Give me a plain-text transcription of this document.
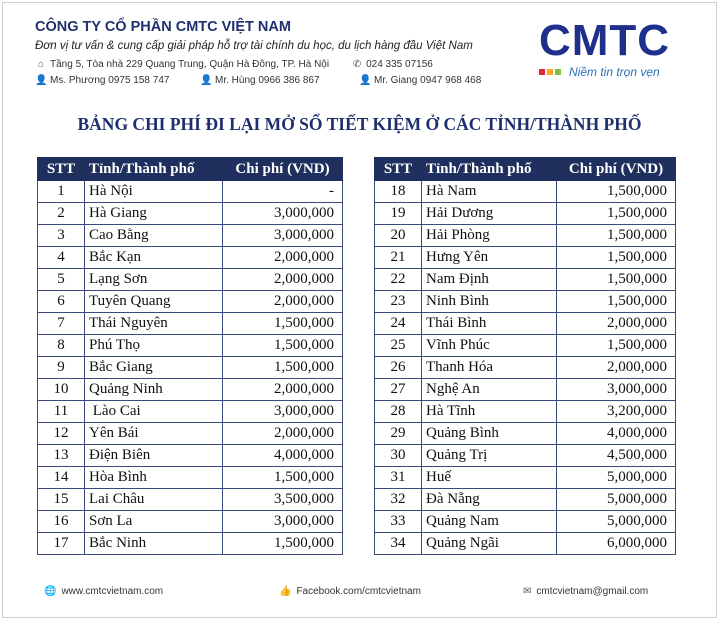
CÔNG TY CỔ PHẦN CMTC VIỆT NAM
Đơn vị tư vấn & cung cấp giải pháp hỗ trợ tài chính du học, du lịch hàng đầu Việt Nam
⌂ Tầng 5, Tòa nhà 229 Quang Trung, Quận Hà Đông, TP. Hà Nội ✆ 024 335 07156
👤 Ms. Phương 0975 158 747	👤 Mr. Hùng 0966 386 867	👤 Mr. Giang 0947 968 468
CMTC
Niềm tin trọn vẹn
BẢNG CHI PHÍ ĐI LẠI MỞ SỔ TIẾT KIỆM Ở CÁC TỈNH/THÀNH PHỐ
STT	Tỉnh/Thành phố	Chi phí (VND)
1	Hà Nội	-
2	Hà Giang	3,000,000
3	Cao Bằng	3,000,000
4	Bắc Kạn	2,000,000
5	Lạng Sơn	2,000,000
6	Tuyên Quang	2,000,000
7	Thái Nguyên	1,500,000
8	Phú Thọ	1,500,000
9	Bắc Giang	1,500,000
10	Quảng Ninh	2,000,000
11	Lào Cai	3,000,000
12	Yên Bái	2,000,000
13	Điện Biên	4,000,000
14	Hòa Bình	1,500,000
15	Lai Châu	3,500,000
16	Sơn La	3,000,000
17	Bắc Ninh	1,500,000
STT	Tỉnh/Thành phố	Chi phí (VND)
18	Hà Nam	1,500,000
19	Hải Dương	1,500,000
20	Hải Phòng	1,500,000
21	Hưng Yên	1,500,000
22	Nam Định	1,500,000
23	Ninh Bình	1,500,000
24	Thái Bình	2,000,000
25	Vĩnh Phúc	1,500,000
26	Thanh Hóa	2,000,000
27	Nghệ An	3,000,000
28	Hà Tĩnh	3,200,000
29	Quảng Bình	4,000,000
30	Quảng Trị	4,500,000
31	Huế	5,000,000
32	Đà Nẵng	5,000,000
33	Quảng Nam	5,000,000
34	Quảng Ngãi	6,000,000
🌐 www.cmtcvietnam.com	👍 Facebook.com/cmtcvietnam	✉ cmtcvietnam@gmail.com
